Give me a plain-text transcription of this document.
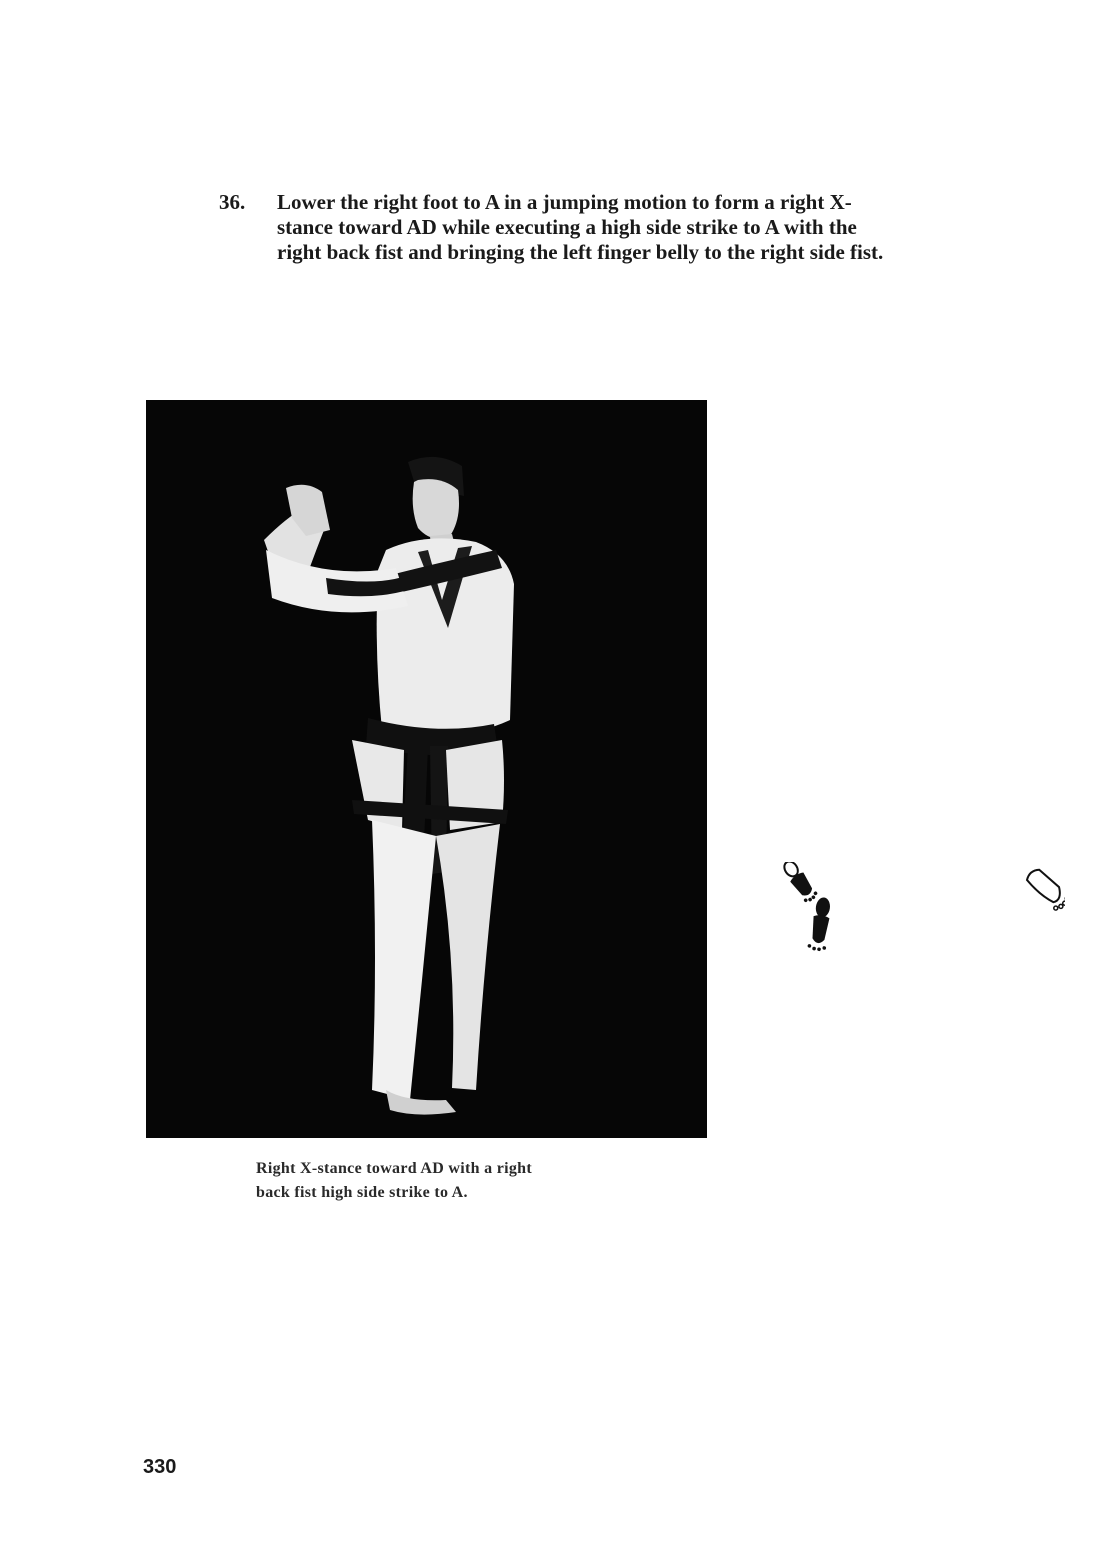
36.	Lower the right foot to A in a jumping motion to form a right X-stance toward AD while executing a high side strike to A with the right back fist and bringing the left finger belly to the right side fist.
Right X-stance toward AD with a right
back fist high side strike to A.
330
